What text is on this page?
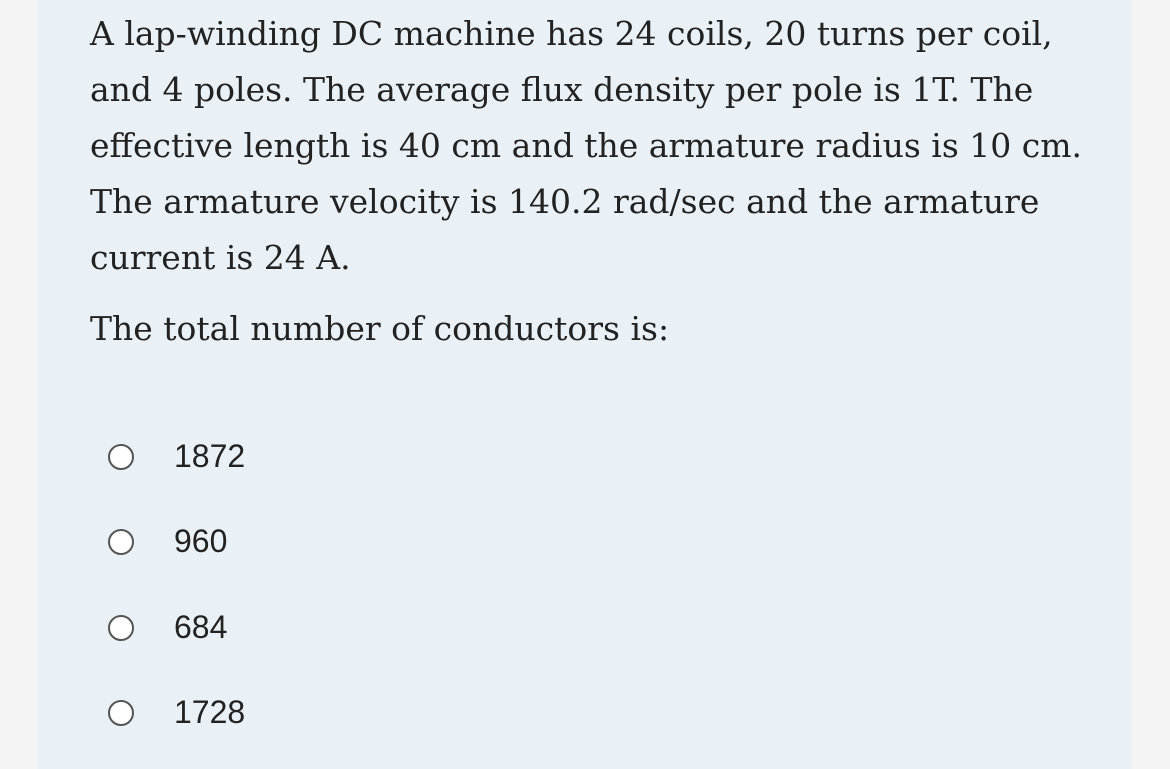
A lap-winding DC machine has 24 coils, 20 turns per coil, and 4 poles. The average flux density per pole is 1T. The effective length is 40 cm and the armature radius is 10 cm. The armature velocity is 140.2 rad/sec and the armature current is 24 A.

The total number of conductors is:

1872
960
684
1728
